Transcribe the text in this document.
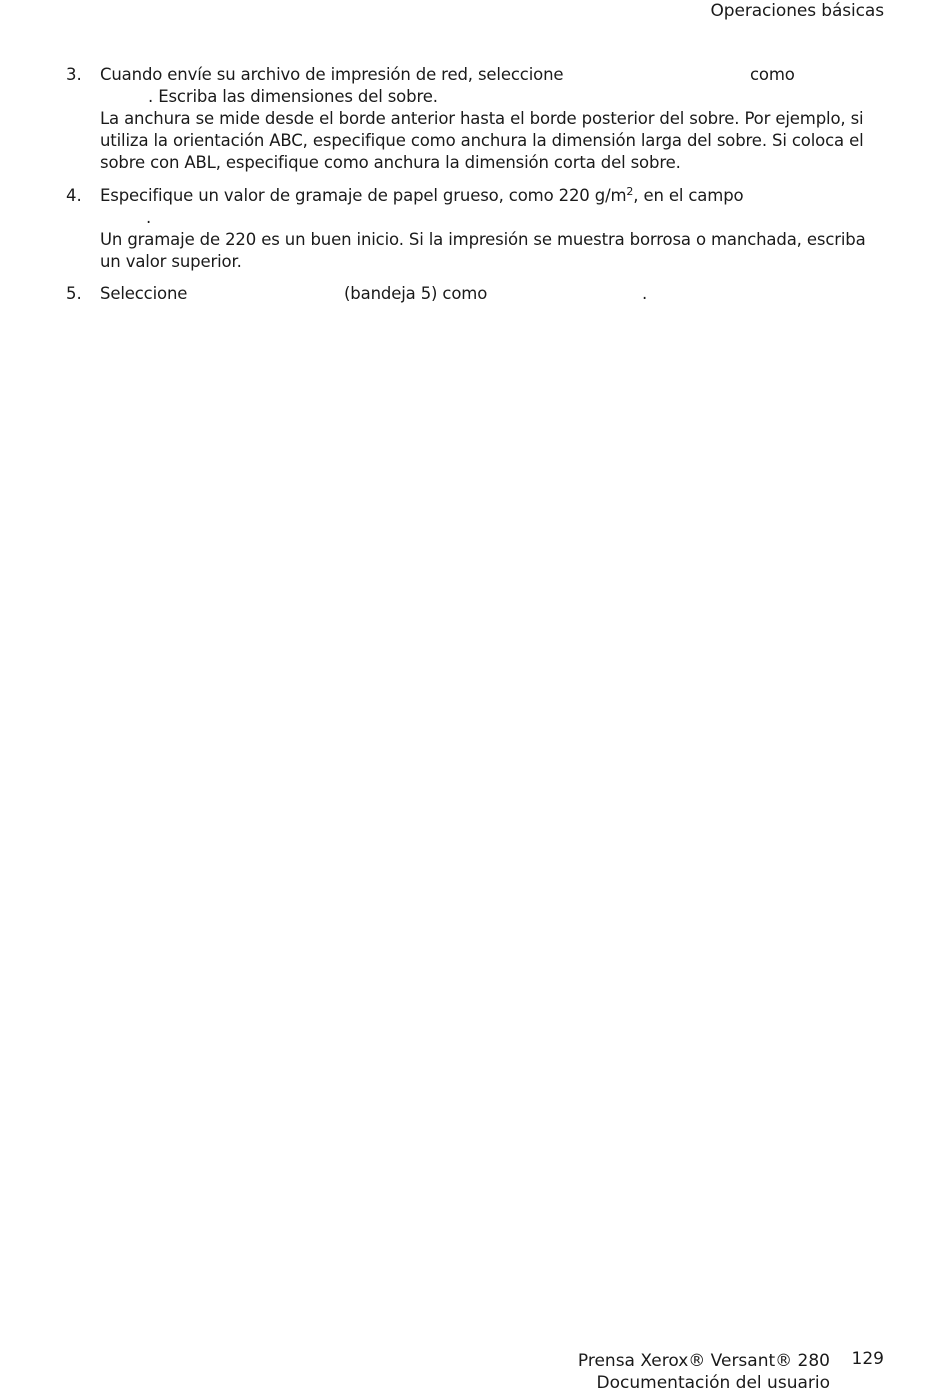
Operaciones básicas
3. Cuando envíe su archivo de impresión de red, seleccione	como
. Escriba las dimensiones del sobre.
La anchura se mide desde el borde anterior hasta el borde posterior del sobre. Por ejemplo, si
utiliza la orientación ABC, especifique como anchura la dimensión larga del sobre. Si coloca el
sobre con ABL, especifique como anchura la dimensión corta del sobre.
4. Especifique un valor de gramaje de papel grueso, como 220 $g/m^2$, en el campo
.
Un gramaje de 220 es un buen inicio. Si la impresión se muestra borrosa o manchada, escriba
un valor superior.
5. Seleccione	(bandeja 5) como	.
Prensa Xerox® Versant® 280
Documentación del usuario
129
